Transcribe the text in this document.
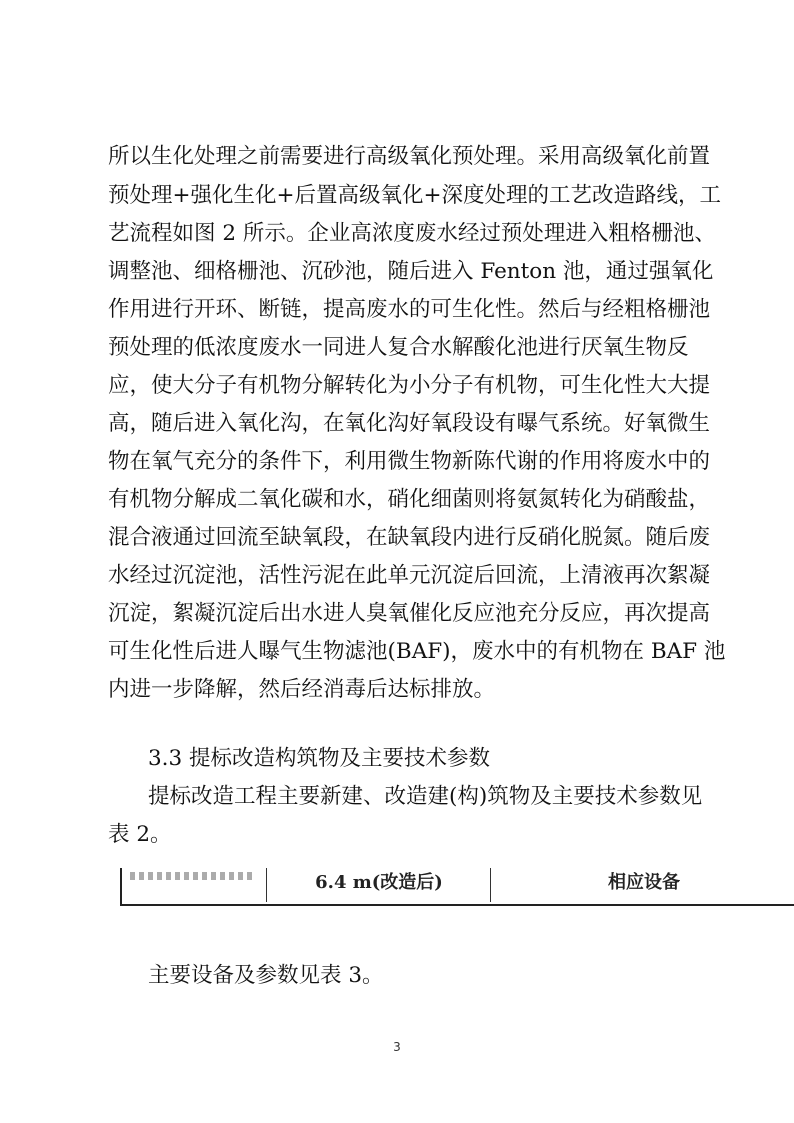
所以生化处理之前需要进行高级氧化预处理。采用高级氧化前置
预处理+强化生化+后置高级氧化+深度处理的工艺改造路线，工
艺流程如图 2 所示。企业高浓度废水经过预处理进入粗格栅池、
调整池、细格栅池、沉砂池，随后进入 Fenton 池，通过强氧化
作用进行开环、断链，提高废水的可生化性。然后与经粗格栅池
预处理的低浓度废水一同进人复合水解酸化池进行厌氧生物反
应，使大分子有机物分解转化为小分子有机物，可生化性大大提
高，随后进入氧化沟，在氧化沟好氧段设有曝气系统。好氧微生
物在氧气充分的条件下，利用微生物新陈代谢的作用将废水中的
有机物分解成二氧化碳和水，硝化细菌则将氨氮转化为硝酸盐，
混合液通过回流至缺氧段，在缺氧段内进行反硝化脱氮。随后废
水经过沉淀池，活性污泥在此单元沉淀后回流，上清液再次絮凝
沉淀，絮凝沉淀后出水进人臭氧催化反应池充分反应，再次提高
可生化性后进人曝气生物滤池(BAF)，废水中的有机物在 BAF 池
内进一步降解，然后经消毒后达标排放。
3.3 提标改造构筑物及主要技术参数
提标改造工程主要新建、改造建(构)筑物及主要技术参数见
表 2。
6.4 m(改造后)	相应设备
主要设备及参数见表 3。
3
